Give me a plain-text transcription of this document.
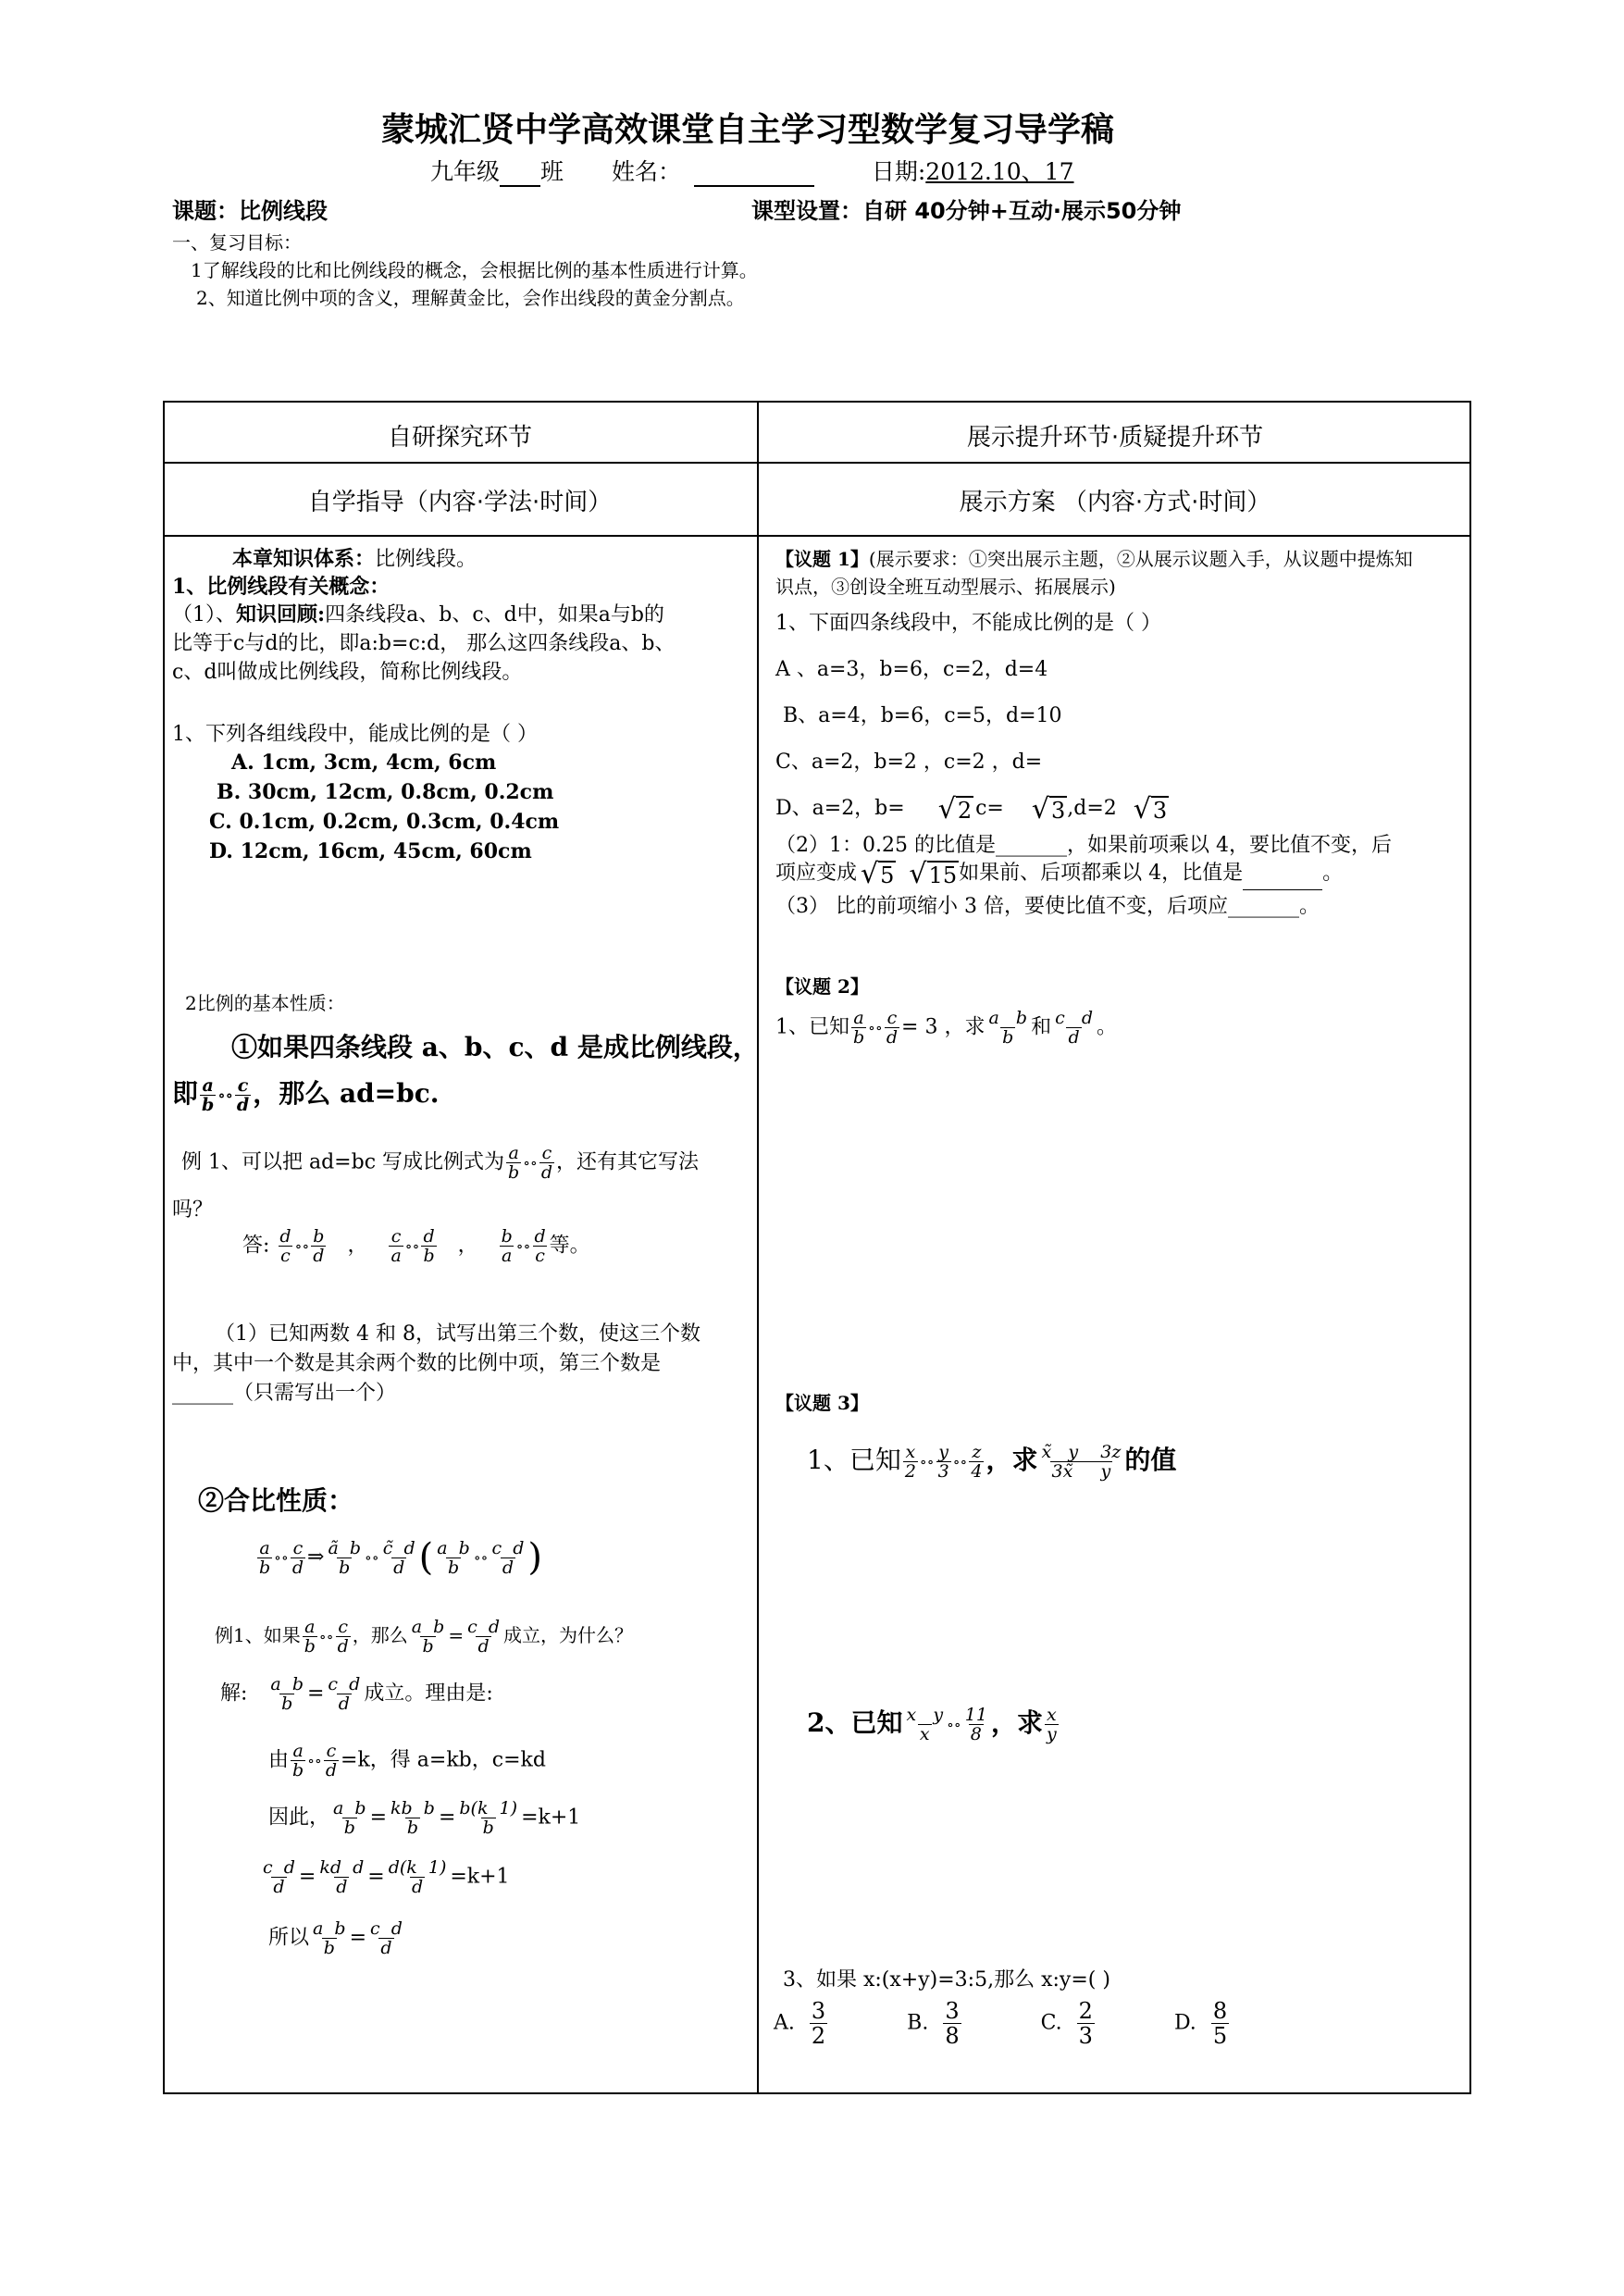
蒙城汇贤中学高效课堂自主学习型数学复习导学稿
九年级 班 姓名：	日期:2012.10、17
课题：比例线段	课型设置：自研 40分钟+互动·展示50分钟
一、复习目标：
1了解线段的比和比例线段的概念，会根据比例的基本性质进行计算。
2、知道比例中项的含义，理解黄金比，会作出线段的黄金分割点。
自研探究环节	展示提升环节·质疑提升环节
自学指导（内容·学法·时间）	展示方案 （内容·方式·时间）
本章知识体系：比例线段。
1、比例线段有关概念：
（1）、知识回顾:四条线段a、b、c、d中，如果a与b的
比等于c与d的比，即a:b=c:d， 那么这四条线段a、b、
c、d叫做成比例线段，简称比例线段。
1、下列各组线段中，能成比例的是（ ）
A. 1cm, 3cm, 4cm, 6cm
B. 30cm, 12cm, 0.8cm, 0.2cm
C. 0.1cm, 0.2cm, 0.3cm, 0.4cm
D. 12cm, 16cm, 45cm, 60cm
2比例的基本性质：
①如果四条线段 a、b、c、d 是成比例线段，
即 $\frac{a}{b}$ ∘∘ $\frac{c}{d}$ ，那么 ad=bc.
例 1、可以把 ad=bc 写成比例式为 $\frac{a}{b}$ ∘∘ $\frac{c}{d}$ ，还有其它写法
吗？
答: $\frac{d}{c}$ ∘∘ $\frac{b}{d}$ ， $\frac{c}{a}$ ∘∘ $\frac{d}{b}$ ， $\frac{b}{a}$ ∘∘ $\frac{d}{c}$ 等。
（1）已知两数 4 和 8，试写出第三个数，使这三个数
中，其中一个数是其余两个数的比例中项，第三个数是
______（只需写出一个）
②合比性质：
$\frac{a}{b}$ ∘∘ $\frac{c}{d}$ ⇒ $\frac{\text{ã  b}}{b}$ ∘∘ $\frac{c̃ d}{d}$ ( $\frac{\text{a  b}}{b}$ ∘∘ $\frac{\text{c  d}}{d}$ )
例1、如果 $\frac{a}{b}$ ∘∘ $\frac{c}{d}$ ，那么 $\frac{\text{a  b}}{b} = \frac{\text{c  d}}{d}$ 成立，为什么？
解: $\frac{\text{a  b}}{b} = \frac{\text{c  d}}{d}$ 成立。理由是:
由 $\frac{a}{b}$ ∘∘ $\frac{c}{d} =k$，得 a=kb，c=kd
因此， $\frac{\text{a  b}}{b} = \frac{\text{kb  b}}{b} = \frac{b(k 1)}{b} =k+1$
$\frac{\text{c  d}}{d} = \frac{\text{kd  d}}{d} = \frac{d(k 1)}{d} =k+1$
所以 $\frac{\text{a  b}}{b} = \frac{\text{c  d}}{d}$
【议题 1】(展示要求：①突出展示主题，②从展示议题入手，从议题中提炼知
识点，③创设全班互动型展示、拓展展示)
1、下面四条线段中，不能成比例的是（ ）
A 、a=3，b=6，c=2，d=4
B、a=4，b=6，c=5，d=10
C、a=2，b=2 ，c=2 ，d=
D、a=2，b= √2 c= √3,d=2 √3
（2）1：0.25 的比值是_______，如果前项乘以 4，要比值不变，后
项应变成 √5 √15如果前、后项都乘以 4，比值是	。
（3） 比的前项缩小 3 倍，要使比值不变，后项应_______。
【议题 2】
1、已知 $\frac{a}{b}$ ∘∘ $\frac{c}{d} = 3$ ，求 $\frac{\text{a   b}}{b}$ 和 $\frac{\text{c   d}}{d}$ 。
【议题 3】
1、已知 $\frac{x}{2}$ ∘∘ $\frac{y}{3}$ ∘∘ $\frac{z}{4}$ ，求 $\frac{x̃ y 3z}{3x̃ y}$ 的值
2、已知 $\frac{\text{x   y}}{x}$ ∘∘ $\frac{11}{8}$ ，求 $\frac{x}{y}$
3、如果 x:(x+y)=3:5,那么 x:y=( )
A. $\frac{3}{2}$	B. $\frac{3}{8}$	C. $\frac{2}{3}$	D. $\frac{8}{5}$
